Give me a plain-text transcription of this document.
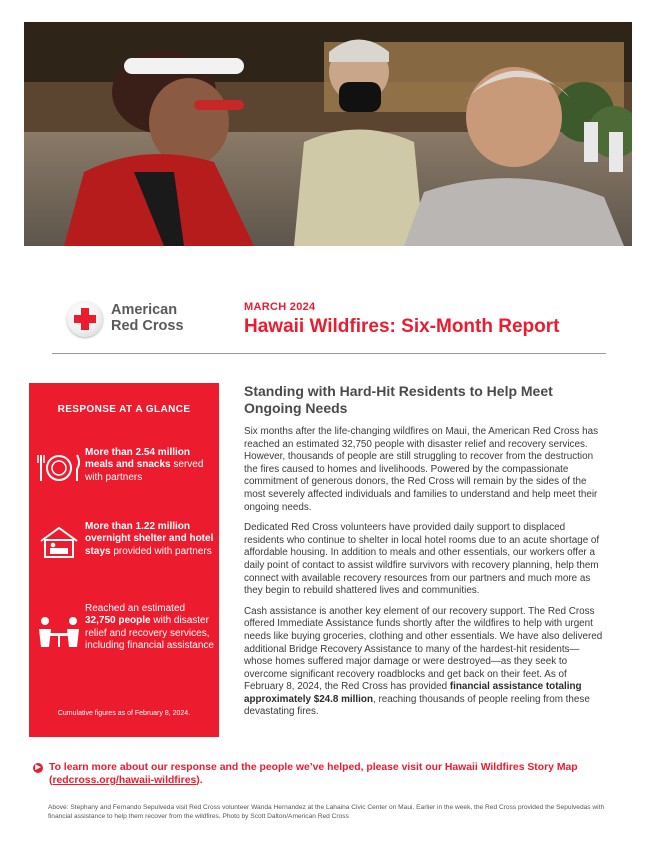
American
Red Cross
MARCH 2024
Hawaii Wildfires: Six-Month Report
RESPONSE AT A GLANCE
More than 2.54 million meals and snacks served with partners
More than 1.22 million overnight shelter and hotel stays provided with partners
Reached an estimated 32,750 people with disaster relief and recovery services, including financial assistance
Cumulative figures as of February 8, 2024.
Standing with Hard-Hit Residents to Help Meet Ongoing Needs

Six months after the life-changing wildfires on Maui, the American Red Cross has reached an estimated 32,750 people with disaster relief and recovery services. However, thousands of people are still struggling to recover from the destruction the fires caused to homes and livelihoods. Powered by the compassionate commitment of generous donors, the Red Cross will remain by the sides of the most severely affected individuals and families to understand and help meet their ongoing needs.

Dedicated Red Cross volunteers have provided daily support to displaced residents who continue to shelter in local hotel rooms due to an acute shortage of affordable housing. In addition to meals and other essentials, our workers offer a daily point of contact to assist wildfire survivors with recovery planning, help them connect with available recovery resources from our partners and much more as they begin to rebuild shattered lives and communities.

Cash assistance is another key element of our recovery support. The Red Cross offered Immediate Assistance funds shortly after the wildfires to help with urgent needs like buying groceries, clothing and other essentials. We have also delivered additional Bridge Recovery Assistance to many of the hardest-hit residents—whose homes suffered major damage or were destroyed—as they seek to overcome significant recovery roadblocks and get back on their feet. As of February 8, 2024, the Red Cross has provided financial assistance totaling approximately $24.8 million, reaching thousands of people reeling from these devastating fires.

▶ To learn more about our response and the people we’ve helped, please visit our Hawaii Wildfires Story Map (redcross.org/hawaii-wildfires).
Above: Stephany and Fernando Sepulveda visit Red Cross volunteer Wanda Hernandez at the Lahaina Civic Center on Maui. Earlier in the week, the Red Cross provided the Sepulvedas with financial assistance to help them recover from the wildfires. Photo by Scott Dalton/American Red Cross
